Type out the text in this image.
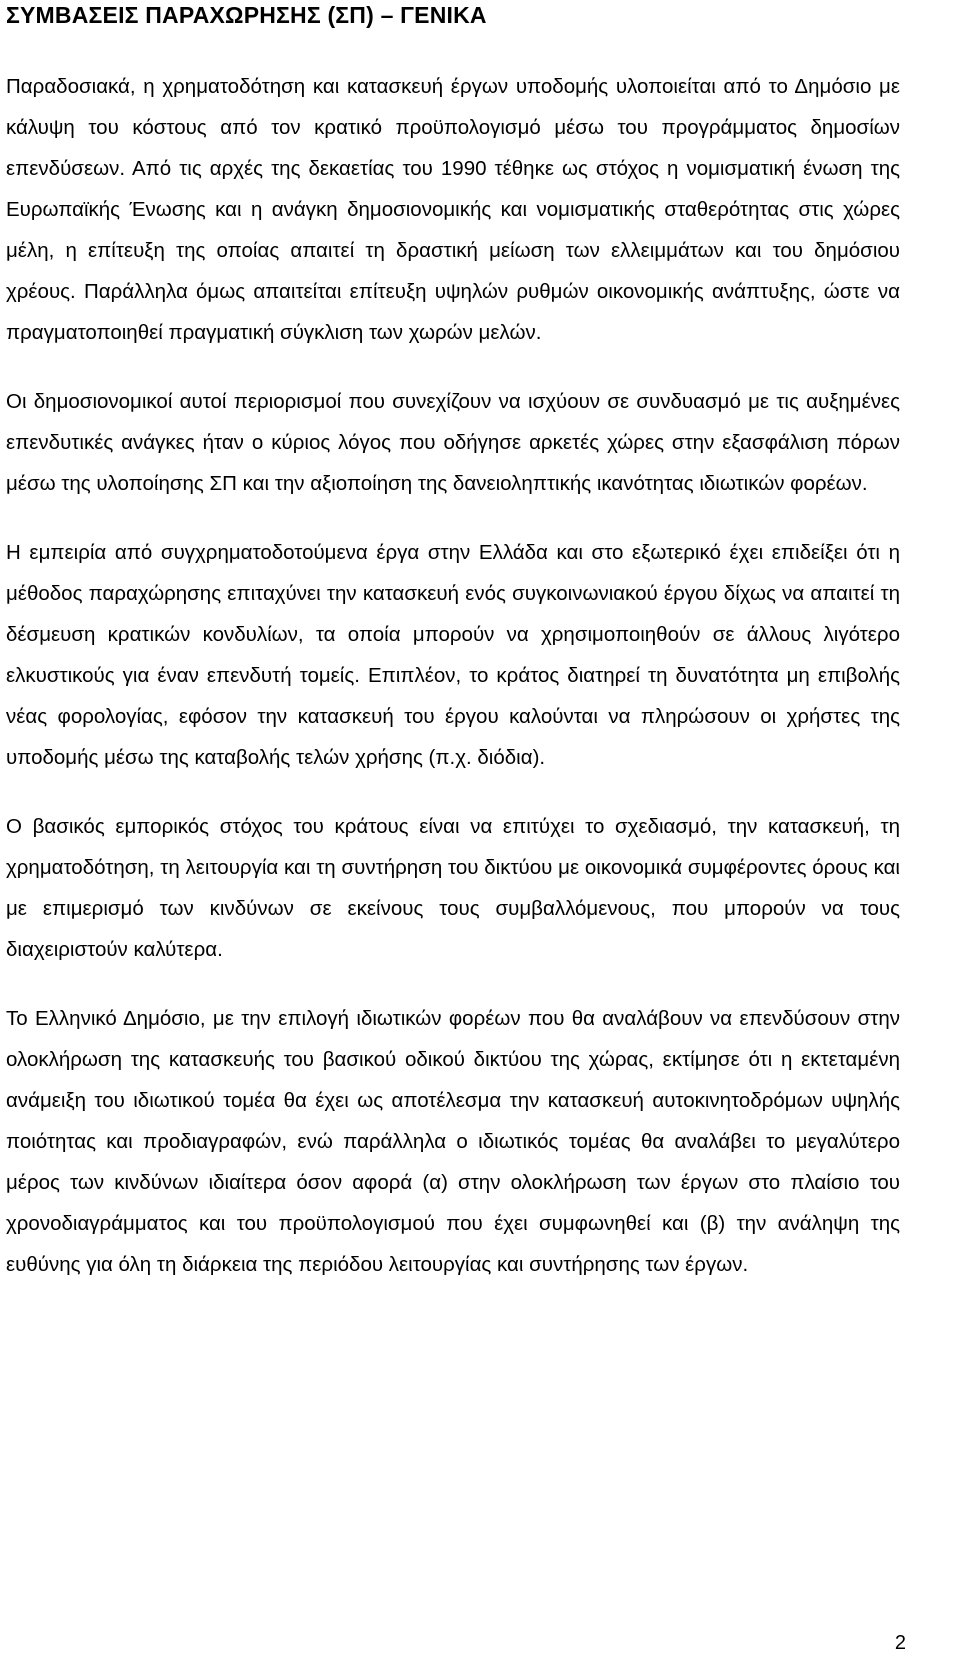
ΣΥΜΒΑΣΕΙΣ ΠΑΡΑΧΩΡΗΣΗΣ (ΣΠ) – ΓΕΝΙΚΑ

Παραδοσιακά, η χρηματοδότηση και κατασκευή έργων υποδομής υλοποιείται από το Δημόσιο με κάλυψη του κόστους από τον κρατικό προϋπολογισμό μέσω του προγράμματος δημοσίων επενδύσεων. Από τις αρχές της δεκαετίας του 1990 τέθηκε ως στόχος η νομισματική ένωση της Ευρωπαϊκής Ένωσης και η ανάγκη δημοσιονομικής και νομισματικής σταθερότητας στις χώρες μέλη, η επίτευξη της οποίας απαιτεί τη δραστική μείωση των ελλειμμάτων και του δημόσιου χρέους. Παράλληλα όμως απαιτείται επίτευξη υψηλών ρυθμών οικονομικής ανάπτυξης, ώστε να πραγματοποιηθεί πραγματική σύγκλιση των χωρών μελών.

Οι δημοσιονομικοί αυτοί περιορισμοί που συνεχίζουν να ισχύουν σε συνδυασμό με τις αυξημένες επενδυτικές ανάγκες ήταν ο κύριος λόγος που οδήγησε αρκετές χώρες στην εξασφάλιση πόρων μέσω της υλοποίησης ΣΠ και την αξιοποίηση της δανειοληπτικής ικανότητας ιδιωτικών φορέων.

Η εμπειρία από συγχρηματοδοτούμενα έργα στην Ελλάδα και στο εξωτερικό έχει επιδείξει ότι η μέθοδος παραχώρησης επιταχύνει την κατασκευή ενός συγκοινωνιακού έργου δίχως να απαιτεί τη δέσμευση κρατικών κονδυλίων, τα οποία μπορούν να χρησιμοποιηθούν σε άλλους λιγότερο ελκυστικούς για έναν επενδυτή τομείς. Επιπλέον, το κράτος διατηρεί τη δυνατότητα μη επιβολής νέας φορολογίας, εφόσον την κατασκευή του έργου καλούνται να πληρώσουν οι χρήστες της υποδομής μέσω της καταβολής τελών χρήσης (π.χ. διόδια).

Ο βασικός εμπορικός στόχος του κράτους είναι να επιτύχει το σχεδιασμό, την κατασκευή, τη χρηματοδότηση, τη λειτουργία και τη συντήρηση του δικτύου με οικονομικά συμφέροντες όρους και με επιμερισμό των κινδύνων σε εκείνους τους συμβαλλόμενους, που μπορούν να τους διαχειριστούν καλύτερα.

Το Ελληνικό Δημόσιο, με την επιλογή ιδιωτικών φορέων που θα αναλάβουν να επενδύσουν στην ολοκλήρωση της κατασκευής του βασικού οδικού δικτύου της χώρας, εκτίμησε ότι η εκτεταμένη ανάμειξη του ιδιωτικού τομέα θα έχει ως αποτέλεσμα την κατασκευή αυτοκινητοδρόμων υψηλής ποιότητας και προδιαγραφών, ενώ παράλληλα ο ιδιωτικός τομέας θα αναλάβει το μεγαλύτερο μέρος των κινδύνων ιδιαίτερα όσον αφορά (α) στην ολοκλήρωση των έργων στο πλαίσιο του χρονοδιαγράμματος και του προϋπολογισμού που έχει συμφωνηθεί και (β) την ανάληψη της ευθύνης για όλη τη διάρκεια της περιόδου λειτουργίας και συντήρησης των έργων.

2
